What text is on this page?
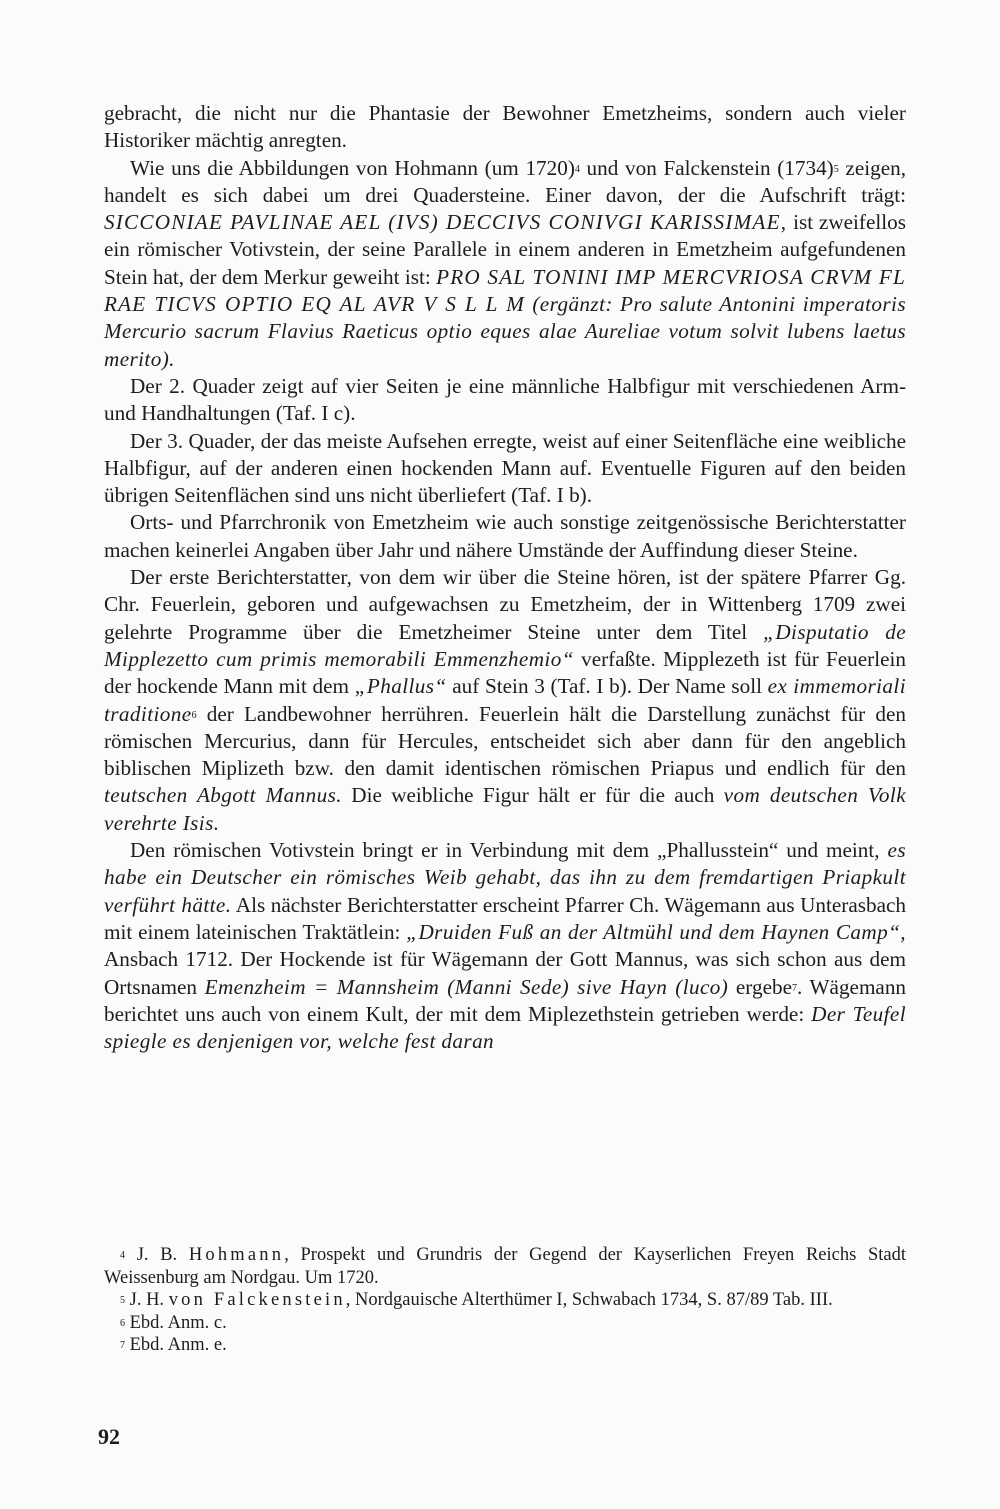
gebracht, die nicht nur die Phantasie der Bewohner Emetzheims, sondern auch vieler Historiker mächtig anregten.

Wie uns die Abbildungen von Hohmann (um 1720)$^4$ und von Falckenstein $(1734)^5$ zeigen, handelt es sich dabei um drei Quadersteine. Einer davon, der die Aufschrift trägt: SICCONIAE PAVLINAE AEL (IVS) DECCIVS CONIVGI KARISSIMAE, ist zweifellos ein römischer Votivstein, der seine Parallele in einem anderen in Emetzheim aufgefundenen Stein hat, der dem Merkur geweiht ist: PRO SAL TONINI IMP MERCVRIOSA CRVM FL RAE TICVS OPTIO EQ AL AVR V S L L M (ergänzt: Pro salute Antonini imperatoris Mercurio sacrum Flavius Raeticus optio eques alae Aureliae votum solvit lubens laetus merito).

Der 2. Quader zeigt auf vier Seiten je eine männliche Halbfigur mit verschiedenen Arm- und Handhaltungen (Taf. I c).

Der 3. Quader, der das meiste Aufsehen erregte, weist auf einer Seitenfläche eine weibliche Halbfigur, auf der anderen einen hockenden Mann auf. Eventuelle Figuren auf den beiden übrigen Seitenflächen sind uns nicht überliefert (Taf. I b).

Orts- und Pfarrchronik von Emetzheim wie auch sonstige zeitgenössische Berichterstatter machen keinerlei Angaben über Jahr und nähere Umstände der Auffindung dieser Steine.

Der erste Berichterstatter, von dem wir über die Steine hören, ist der spätere Pfarrer Gg. Chr. Feuerlein, geboren und aufgewachsen zu Emetzheim, der in Wittenberg 1709 zwei gelehrte Programme über die Emetzheimer Steine unter dem Titel „Disputatio de Mipplezetto cum primis memorabili Emmenzhemio“ verfaßte. Mipplezeth ist für Feuerlein der hockende Mann mit dem „Phallus“ auf Stein 3 (Taf. I b). Der Name soll ex immemoriali traditione$^6$ der Landbewohner herrühren. Feuerlein hält die Darstellung zunächst für den römischen Mercurius, dann für Hercules, entscheidet sich aber dann für den angeblich biblischen Miplizeth bzw. den damit identischen römischen Priapus und endlich für den teutschen Abgott Mannus. Die weibliche Figur hält er für die auch vom deutschen Volk verehrte Isis.

Den römischen Votivstein bringt er in Verbindung mit dem „Phallusstein“ und meint, es habe ein Deutscher ein römisches Weib gehabt, das ihn zu dem fremdartigen Priapkult verführt hätte. Als nächster Berichterstatter erscheint Pfarrer Ch. Wägemann aus Unterasbach mit einem lateinischen Traktätlein: „Druiden Fuß an der Altmühl und dem Haynen Camp“, Ansbach 1712. Der Hockende ist für Wägemann der Gott Mannus, was sich schon aus dem Ortsnamen Emenzheim = Mannsheim (Manni Sede) sive Hayn (luco) ergebe$^7$. Wägemann berichtet uns auch von einem Kult, der mit dem Miplezethstein getrieben werde: Der Teufel spiegle es denjenigen vor, welche fest daran

$^4$ J. B. Hohmann, Prospekt und Grundris der Gegend der Kayserlichen Freyen Reichs Stadt Weissenburg am Nordgau. Um 1720.

$^5$ J. H. von Falckenstein, Nordgauische Alterthümer I, Schwabach 1734, S. 87/89 Tab. III.

$^6$ Ebd. Anm. c.

$^7$ Ebd. Anm. e.

92
